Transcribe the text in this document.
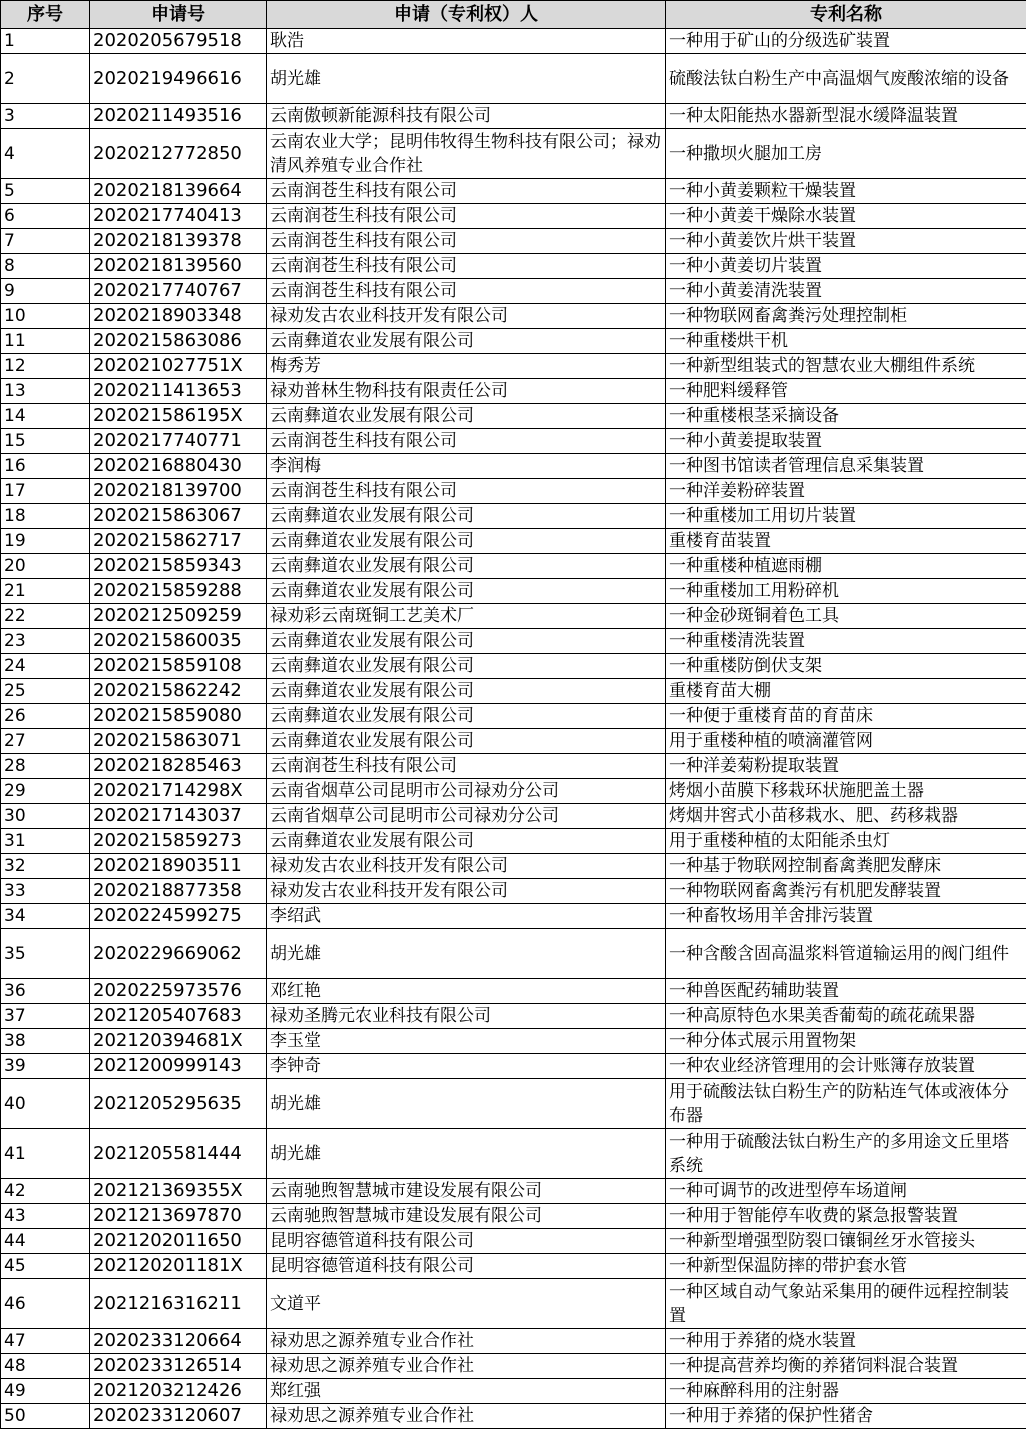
序号	申请号	申请（专利权）人	专利名称
1	2020205679518	耿浩	一种用于矿山的分级选矿装置
2	2020219496616	胡光雄	硫酸法钛白粉生产中高温烟气废酸浓缩的设备
3	2020211493516	云南傲顿新能源科技有限公司	一种太阳能热水器新型混水缓降温装置
4	2020212772850	云南农业大学；昆明伟牧得生物科技有限公司；禄劝清风养殖专业合作社	一种撒坝火腿加工房
5	2020218139664	云南润苍生科技有限公司	一种小黄姜颗粒干燥装置
6	2020217740413	云南润苍生科技有限公司	一种小黄姜干燥除水装置
7	2020218139378	云南润苍生科技有限公司	一种小黄姜饮片烘干装置
8	2020218139560	云南润苍生科技有限公司	一种小黄姜切片装置
9	2020217740767	云南润苍生科技有限公司	一种小黄姜清洗装置
10	2020218903348	禄劝发古农业科技开发有限公司	一种物联网畜禽粪污处理控制柜
11	2020215863086	云南彝道农业发展有限公司	一种重楼烘干机
12	202021027751X	梅秀芳	一种新型组装式的智慧农业大棚组件系统
13	2020211413653	禄劝普林生物科技有限责任公司	一种肥料缓释管
14	202021586195X	云南彝道农业发展有限公司	一种重楼根茎采摘设备
15	2020217740771	云南润苍生科技有限公司	一种小黄姜提取装置
16	2020216880430	李润梅	一种图书馆读者管理信息采集装置
17	2020218139700	云南润苍生科技有限公司	一种洋姜粉碎装置
18	2020215863067	云南彝道农业发展有限公司	一种重楼加工用切片装置
19	2020215862717	云南彝道农业发展有限公司	重楼育苗装置
20	2020215859343	云南彝道农业发展有限公司	一种重楼种植遮雨棚
21	2020215859288	云南彝道农业发展有限公司	一种重楼加工用粉碎机
22	2020212509259	禄劝彩云南斑铜工艺美术厂	一种金砂斑铜着色工具
23	2020215860035	云南彝道农业发展有限公司	一种重楼清洗装置
24	2020215859108	云南彝道农业发展有限公司	一种重楼防倒伏支架
25	2020215862242	云南彝道农业发展有限公司	重楼育苗大棚
26	2020215859080	云南彝道农业发展有限公司	一种便于重楼育苗的育苗床
27	2020215863071	云南彝道农业发展有限公司	用于重楼种植的喷滴灌管网
28	2020218285463	云南润苍生科技有限公司	一种洋姜菊粉提取装置
29	202021714298X	云南省烟草公司昆明市公司禄劝分公司	烤烟小苗膜下移栽环状施肥盖土器
30	2020217143037	云南省烟草公司昆明市公司禄劝分公司	烤烟井窖式小苗移栽水、肥、药移栽器
31	2020215859273	云南彝道农业发展有限公司	用于重楼种植的太阳能杀虫灯
32	2020218903511	禄劝发古农业科技开发有限公司	一种基于物联网控制畜禽粪肥发酵床
33	2020218877358	禄劝发古农业科技开发有限公司	一种物联网畜禽粪污有机肥发酵装置
34	2020224599275	李绍武	一种畜牧场用羊舍排污装置
35	2020229669062	胡光雄	一种含酸含固高温浆料管道输运用的阀门组件
36	2020225973576	邓红艳	一种兽医配药辅助装置
37	2021205407683	禄劝圣腾元农业科技有限公司	一种高原特色水果美香葡萄的疏花疏果器
38	202120394681X	李玉堂	一种分体式展示用置物架
39	2021200999143	李钟奇	一种农业经济管理用的会计账簿存放装置
40	2021205295635	胡光雄	用于硫酸法钛白粉生产的防粘连气体或液体分布器
41	2021205581444	胡光雄	一种用于硫酸法钛白粉生产的多用途文丘里塔系统
42	202121369355X	云南驰煦智慧城市建设发展有限公司	一种可调节的改进型停车场道闸
43	2021213697870	云南驰煦智慧城市建设发展有限公司	一种用于智能停车收费的紧急报警装置
44	2021202011650	昆明容德管道科技有限公司	一种新型增强型防裂口镶铜丝牙水管接头
45	202120201181X	昆明容德管道科技有限公司	一种新型保温防摔的带护套水管
46	2021216316211	文道平	一种区域自动气象站采集用的硬件远程控制装置
47	2020233120664	禄劝思之源养殖专业合作社	一种用于养猪的烧水装置
48	2020233126514	禄劝思之源养殖专业合作社	一种提高营养均衡的养猪饲料混合装置
49	2021203212426	郑红强	一种麻醉科用的注射器
50	2020233120607	禄劝思之源养殖专业合作社	一种用于养猪的保护性猪舍
